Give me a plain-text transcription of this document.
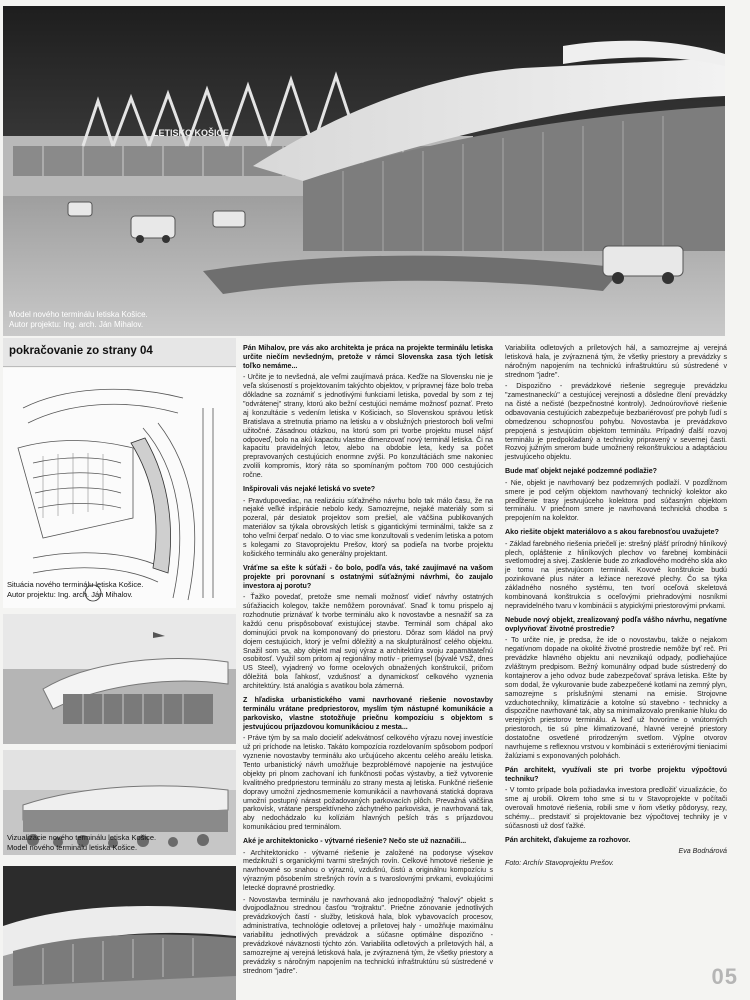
LETISKO KOŠICE
Model nového terminálu letiska Košice.
Autor projektu: Ing. arch. Ján Mihalov.
pokračovanie zo strany 04
Situácia nového terminálu letiska Košice.
Autor projektu: Ing. arch. Ján Mihalov.
Vizualizácie nového terminálu letiska Košice.
Model nového terminálu letiska Košice.

Pán Mihalov, pre vás ako architekta je práca na projekte terminálu letiska určite niečím nevšedným, pretože v rámci Slovenska zasa tých letísk toľko nemáme...

- Určite je to nevšedná, ale veľmi zaujímavá práca. Keďže na Slovensku nie je veľa skúseností s projektovaním takýchto objektov, v prípravnej fáze bolo treba dôkladne sa zoznámiť s jednotlivými funkciami letiska, povedal by som z tej "odvrátenej" strany, ktorú ako bežní cestujúci nemáme možnosť poznať. Preto aj konzultácie s vedením letiska v Košiciach, so Slovenskou správou letísk Bratislava a stretnutia priamo na letisku a v obslužných priestoroch boli veľmi užitočné. Zásadnou otázkou, na ktorú som pri tvorbe projektu musel nájsť odpoveď, bolo na akú kapacitu vlastne dimenzovať nový terminál letiska. Či na kapacitu pravidelných letov, alebo na obdobie leta, kedy sa počet prepravovaných cestujúcich enormne zvýši. Po konzultáciách sme nakoniec zvolili kompromis, ktorý ráta so spomínaným počtom 700 000 cestujúcich ročne.

Inšpirovali vás nejaké letiská vo svete?

- Pravdupovediac, na realizáciu súťažného návrhu bolo tak málo času, že na nejaké veľké inšpirácie nebolo kedy. Samozrejme, nejaké materiály som si pozeral, pár desiatok projektov som prešiel, ale väčšina publikovaných materiálov sa týkala obrovských letísk s gigantickými terminálmi, takže sa z toho veľmi čerpať nedalo. O to viac sme konzultovali s vedením letiska a potom s kolegami zo Stavoprojektu Prešov, ktorý sa podieľa na tvorbe projektu košického terminálu ako generálny projektant.

Vráťme sa ešte k súťaži - čo bolo, podľa vás, také zaujímavé na vašom projekte pri porovnaní s ostatnými súťažnými návrhmi, čo zaujalo investora aj porotu?

- Ťažko povedať, pretože sme nemali možnosť vidieť návrhy ostatných súťažiacich kolegov, takže nemôžem porovnávať. Snaď k tomu prispelo aj rozhodnutie priznávať k tvorbe terminálu ako k novostavbe a nesnažiť sa za každú cenu prispôsobovať existujúcej stavbe. Terminál som chápal ako dominujúci prvok na komponovaný do priestoru. Dôraz som kládol na prvý dojem cestujúcich, ktorý je veľmi dôležitý a na skulpturálnosť celého objektu. Snažil som sa, aby objekt mal svoj výraz a architektúra svoju zapamätateľnú osobitosť. Využil som pritom aj regionálny motív - priemysel (bývalé VSŽ, dnes US Steel), vyjadrený vo forme ocelových obnažených konštrukcií, pričom dôležitá bola ľahkosť, vzdušnosť a dynamickosť celkového vyznenia architektúry. Istá analógia s avatikou bola zámerná.

Z hľadiska urbanistického vami navrhované riešenie novostavby terminálu vrátane predpriestorov, myslím tým nástupné komunikácie a parkovisko, vlastne stotožňuje priečnu kompozíciu s objektom s jestvujúcou príjazdovou komunikáciou z mesta...

- Práve tým by sa malo docieliť adekvátnosť celkového výrazu novej investície už pri príchode na letisko. Takáto kompozícia rozdelovaním spôsobom podporí vyznenie novostavby terminálu ako určujúceho akcentu celého areálu letiska. Tento urbanistický návrh umožňuje bezproblémové napojenie na jestvujúce objekty pri plnom zachovaní ich funkčnosti počas výstavby, a tiež vytvorenie kvalitného predpriestoru terminálu zo strany mesta aj letiska. Funkčné riešenie dopravy umožní zjednosmernenie komunikácií a navrhovaná statická doprava umožní postupný nárast požadovaných parkovacích plôch. Prevažná väčšina parkovísk, vrátane perspektívneho záchytného parkoviska, je navrhovaná tak, aby nedochádzalo ku kolíziám hlavných peších trás s príjazdovou komunikáciou pred terminálom.

Aké je architektonicko - výtvarné riešenie? Nečo ste už naznačili...

- Architektonicko - výtvarné riešenie je založené na podorysе výsekov medzikruží s organickými tvarmi strešných rovín. Celkové hmotové riešenie je navrhované so snahou o výraznú, vzdušnú, čistú a originálnu kompozíciu s výrazným pôsobením strešných rovín a s tvaroslovnými prvkami, evokujúcimi letecké dopravné prostriedky.

- Novostavba terminálu je navrhovaná ako jednopodlažný "halový" objekt s dvojpodlažnou strednou časťou "trojtraktu". Priečne zónovanie jednotlivých prevádzkových častí - služby, letisková hala, blok vybavovacích procesov, administratíva, technológie odletovej a príletovej haly - umožňuje maximálnu variabilitu jednotlivých prevádzok a súčasne optimálne dispozično - prevádzkové náväznosti týchto zón. Variabilita odletových a príletových hál, a samozrejme aj verejná letisková hala, je zvýraznená tým, že všetky priestory a prevádzky s náročným napojením na technickú infraštruktúru sú sústredené v strednom "jadre".

Variabilita odletových a príletových hál, a samozrejme aj verejná letisková hala, je zvýraznená tým, že všetky priestory a prevádzky s náročným napojením na technickú infraštruktúru sú sústredené v strednom "jadre".

- Dispozično - prevádzkové riešenie segreguje prevádzku "zamestnaneckú" a cestujúcej verejnosti a dôsledne člení prevádzky na čisté a nečisté (bezpečnostné kontroly). Jednoúrovňové riešenie odbavovania cestujúcich zabezpečuje bezbariérovosť pre pohyb ľudí s obmedzenou schopnosťou pohybu. Novostavba je prevádzkovo prepojená s jestvujúcim objektom terminálu. Prípadný ďalší rozvoj terminálu je predpokladaný a technicky pripravený v severnej časti. Rozvoj južným smerom bude umožnený rekonštrukciou a adaptáciou jestvujúceho objektu.

Bude mať objekt nejaké podzemné podlažie?

- Nie, objekt je navrhovaný bez podzemných podlaží. V pozdĺžnom smere je pod celým objektom navrhovaný technický kolektor ako predĺženie trasy jestvujúceho kolektora pod súčasným objektom terminálu. V priečnom smere je navrhovaná technická chodba s prepojením na kolektor.

Ako riešite objekt materiálovo a s akou farebnosťou uvažujete?

- Základ farebného riešenia priečelí je: strešný plášť prírodný hliníkový plech, opláštenie z hliníkových plechov vo farebnej kombinácii svetlomodrej a sivej. Zasklenie bude zo zrkadlového modrého skla ako je tomu na jestvujúcom termináli. Kovové konštrukcie budú pozinkované plus náter a ležiace nerezové plechy. Čo sa týka základného nosného systému, ten tvorí oceľová skeletová kombinovaná konštrukcia s oceľovými priehradovými nosníkmi nepravidelného tvaru v kombinácii s atypickými priestorovými prvkami.

Nebude nový objekt, zrealizovaný podľa vášho návrhu, negatívne ovplyvňovať životné prostredie?

- To určite nie, je predsa, že ide o novostavbu, takže o nejakom negatívnom dopade na okolité životné prostredie nemôže byť reč. Pri prevádzke hlavného objektu ani nevznikajú odpady, podliehajúce zvláštnym predpisom. Bežný komunálny odpad bude sústredený do kontajnerov a jeho odvoz bude zabezpečovať správa letiska. Ešte by som dodal, že vykurovanie bude zabezpečené kotlami na zemný plyn, samozrejme s príslušnými stenami na emisie. Strojovne vzduchotechniky, klimatizácie a kotolne sú stavebno - technicky a dispozične navrhované tak, aby sa minimalizovalo prenikanie hluku do verejných priestorov terminálu. A keď už hovoríme o vnútorných priestoroch, tie sú plne klimatizované, hlavné verejné priestory dostatočne osvetlené prirodzeným svetlom. Výplne otvorov navrhujeme s reflexnou vrstvou v kombinácii s exteriérovými tieniacimi žalúziami s exponovaných polohách.

Pán architekt, využívali ste pri tvorbe projektu výpočtovú techniku?

- V tomto prípade bola požiadavka investora predložiť vizualizácie, čo sme aj urobili. Okrem toho sme si tu v Stavoprojekte v počítači overovali hmotové riešenia, robili sme v ňom všetky pôdorysy, rezy, schémy... predstaviť si projektovanie bez výpočtovej techniky je v súčasnosti už dosť ťažké.

Pán architekt, ďakujeme za rozhovor.

Eva Bodnárová

Foto: Archív Stavoprojektu Prešov.

05
